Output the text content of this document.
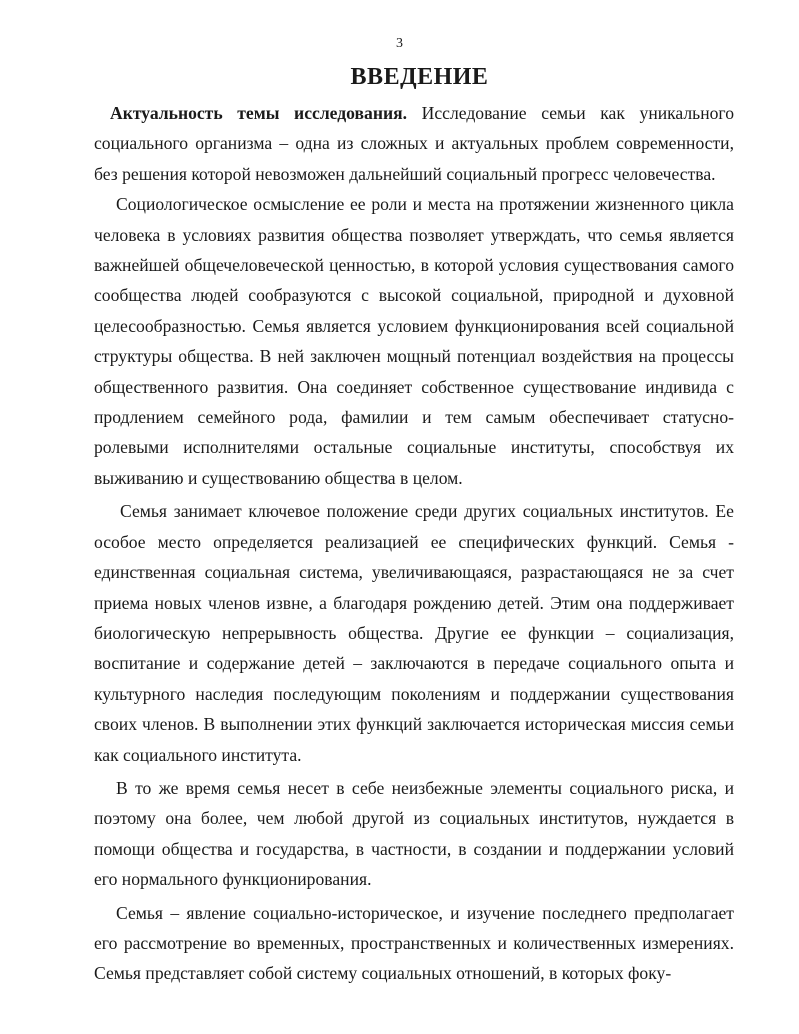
3
ВВЕДЕНИЕ

Актуальность темы исследования. Исследование семьи как уникального социального организма – одна из сложных и актуальных проблем современности, без решения которой невозможен дальнейший социальный прогресс человечества.

Социологическое осмысление ее роли и места на протяжении жизненного цикла человека в условиях развития общества позволяет утверждать, что семья является важнейшей общечеловеческой ценностью, в которой условия существования самого сообщества людей сообразуются с высокой социальной, природной и духовной целесообразностью. Семья является условием функционирования всей социальной структуры общества. В ней заключен мощный потенциал воздействия на процессы общественного развития. Она соединяет собственное существование индивида с продлением семейного рода, фамилии и тем самым обеспечивает статусно-ролевыми исполнителями остальные социальные институты, способствуя их выживанию и существованию общества в целом.

Семья занимает ключевое положение среди других социальных институтов. Ее особое место определяется реализацией ее специфических функций. Семья - единственная социальная система, увеличивающаяся, разрастающаяся не за счет приема новых членов извне, а благодаря рождению детей. Этим она поддерживает биологическую непрерывность общества. Другие ее функции – социализация, воспитание и содержание детей – заключаются в передаче социального опыта и культурного наследия последующим поколениям и поддержании существования своих членов. В выполнении этих функций заключается историческая миссия семьи как социального института.

В то же время семья несет в себе неизбежные элементы социального риска, и поэтому она более, чем любой другой из социальных институтов, нуждается в помощи общества и государства, в частности, в создании и поддержании условий его нормального функционирования.

Семья – явление социально-историческое, и изучение последнего предполагает его рассмотрение во временных, пространственных и количественных измерениях. Семья представляет собой систему социальных отношений, в которых фоку-
